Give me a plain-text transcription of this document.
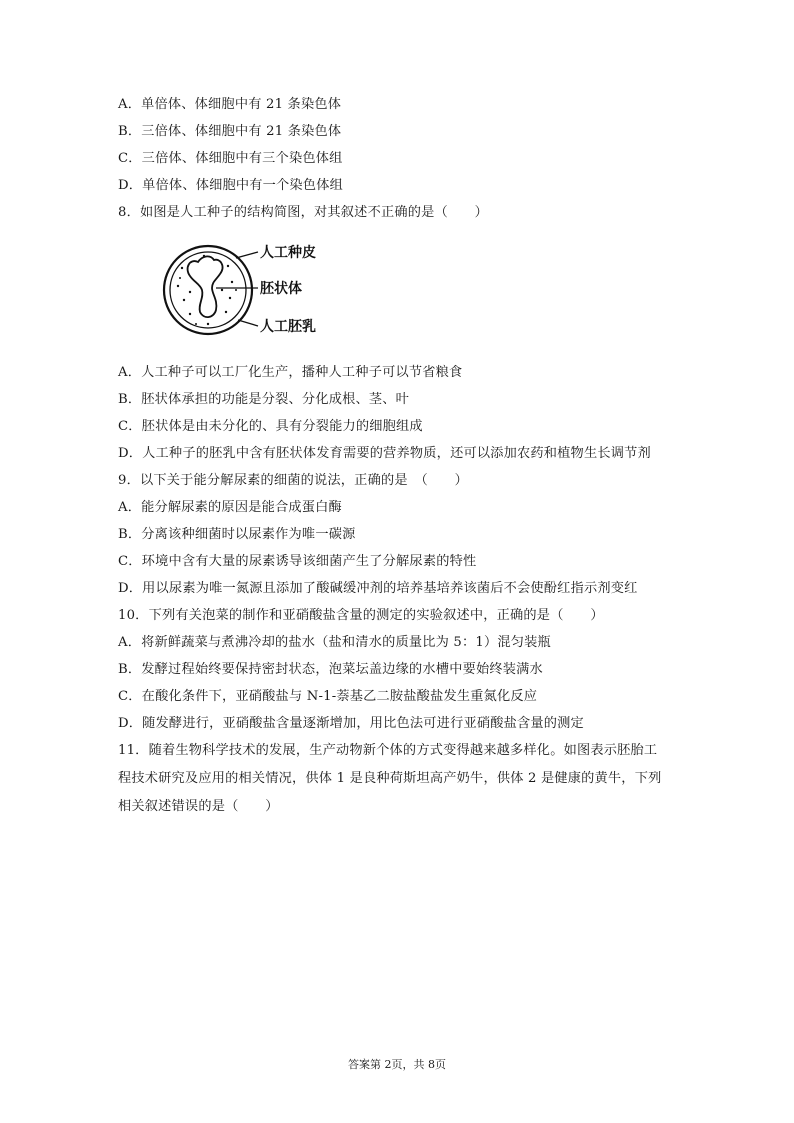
A．单倍体、体细胞中有 21 条染色体
B．三倍体、体细胞中有 21 条染色体
C．三倍体、体细胞中有三个染色体组
D．单倍体、体细胞中有一个染色体组
8．如图是人工种子的结构简图，对其叙述不正确的是（　　）
人工种皮
胚状体
人工胚乳
A．人工种子可以工厂化生产，播种人工种子可以节省粮食
B．胚状体承担的功能是分裂、分化成根、茎、叶
C．胚状体是由未分化的、具有分裂能力的细胞组成
D．人工种子的胚乳中含有胚状体发育需要的营养物质，还可以添加农药和植物生长调节剂
9．以下关于能分解尿素的细菌的说法，正确的是　（　　）
A．能分解尿素的原因是能合成蛋白酶
B．分离该种细菌时以尿素作为唯一碳源
C．环境中含有大量的尿素诱导该细菌产生了分解尿素的特性
D．用以尿素为唯一氮源且添加了酸碱缓冲剂的培养基培养该菌后不会使酚红指示剂变红
10．下列有关泡菜的制作和亚硝酸盐含量的测定的实验叙述中，正确的是（　　）
A．将新鲜蔬菜与煮沸冷却的盐水（盐和清水的质量比为 5：1）混匀装瓶
B．发酵过程始终要保持密封状态，泡菜坛盖边缘的水槽中要始终装满水
C．在酸化条件下，亚硝酸盐与 N-1-萘基乙二胺盐酸盐发生重氮化反应
D．随发酵进行，亚硝酸盐含量逐渐增加，用比色法可进行亚硝酸盐含量的测定
11．随着生物科学技术的发展，生产动物新个体的方式变得越来越多样化。如图表示胚胎工
程技术研究及应用的相关情况，供体 1 是良种荷斯坦高产奶牛，供体 2 是健康的黄牛，下列
相关叙述错误的是（　　）
答案第 2页，共 8页
